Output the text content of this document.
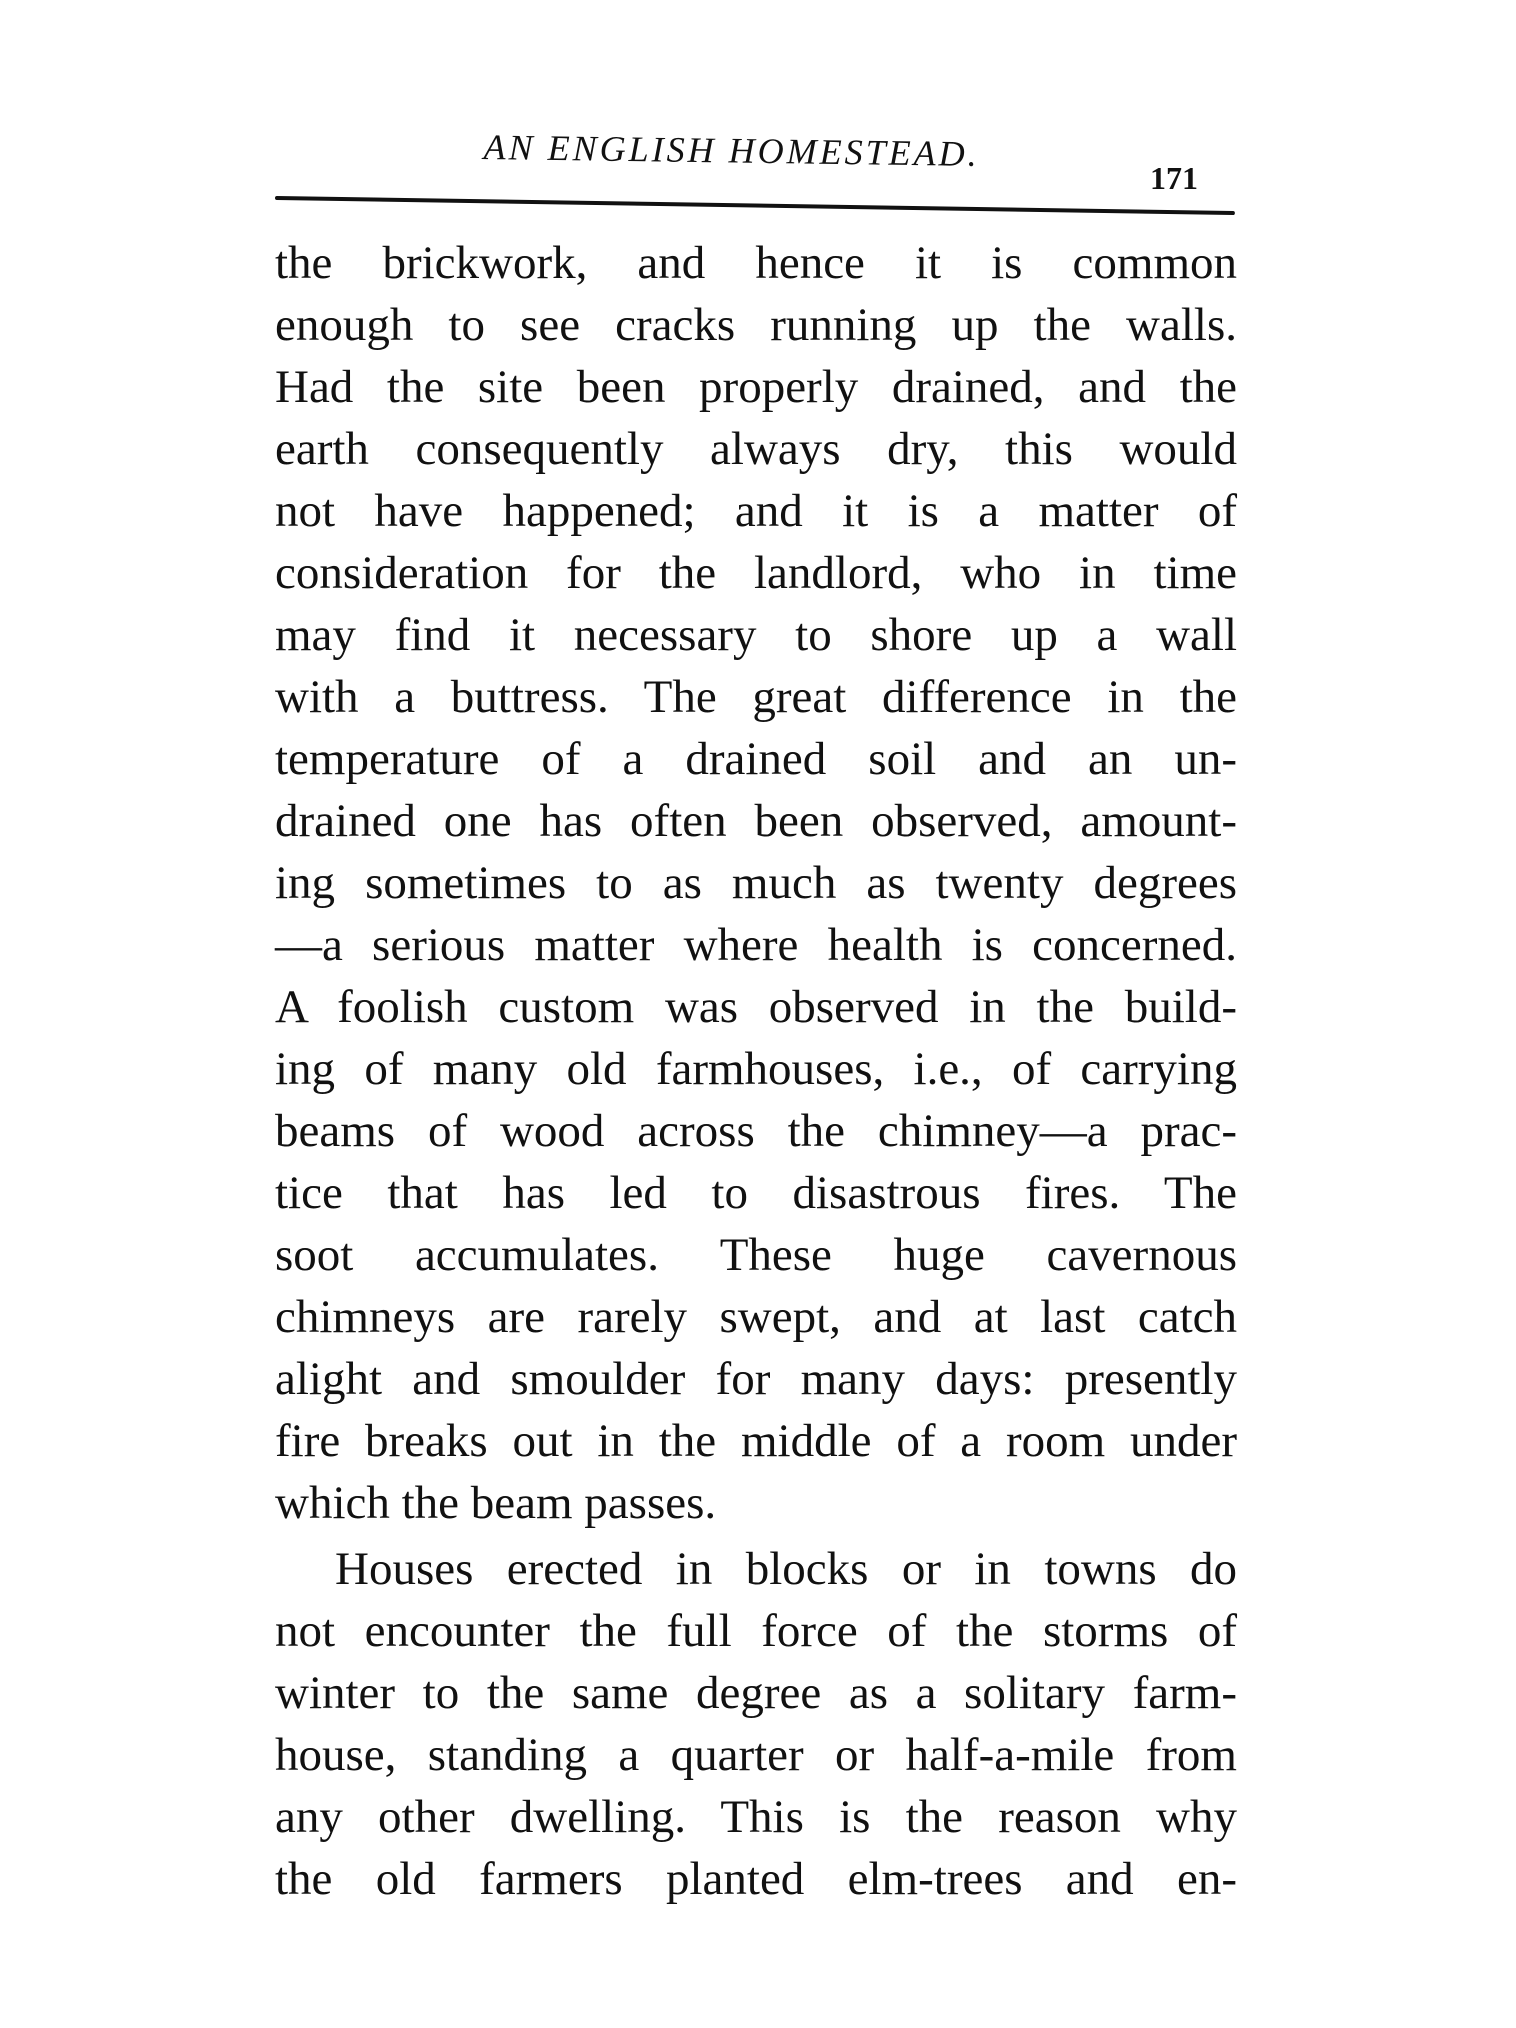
AN ENGLISH HOMESTEAD.
171
the brickwork, and hence it is common
enough to see cracks running up the walls.
Had the site been properly drained, and the
earth consequently always dry, this would
not have happened; and it is a matter of
consideration for the landlord, who in time
may find it necessary to shore up a wall
with a buttress. The great difference in the
temperature of a drained soil and an un-
drained one has often been observed, amount-
ing sometimes to as much as twenty degrees
—a serious matter where health is concerned.
A foolish custom was observed in the build-
ing of many old farmhouses, i.e., of carrying
beams of wood across the chimney—a prac-
tice that has led to disastrous fires. The
soot accumulates. These huge cavernous
chimneys are rarely swept, and at last catch
alight and smoulder for many days: presently
fire breaks out in the middle of a room under
which the beam passes.
Houses erected in blocks or in towns do
not encounter the full force of the storms of
winter to the same degree as a solitary farm-
house, standing a quarter or half-a-mile from
any other dwelling. This is the reason why
the old farmers planted elm-trees and en-
